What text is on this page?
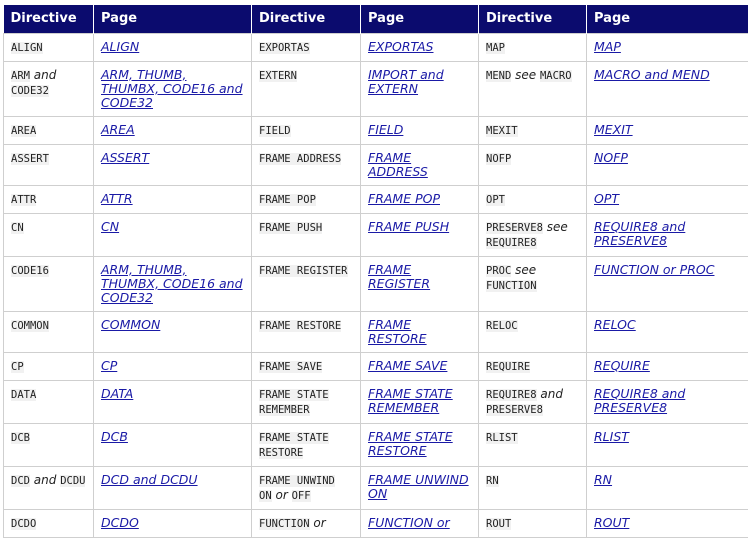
Directive	Page	Directive	Page	Directive	Page
ALIGN	ALIGN	EXPORTAS	EXPORTAS	MAP	MAP
ARM and CODE32	ARM, THUMB, THUMBX, CODE16 and CODE32	EXTERN	IMPORT and EXTERN	MEND see MACRO	MACRO and MEND
AREA	AREA	FIELD	FIELD	MEXIT	MEXIT
ASSERT	ASSERT	FRAME ADDRESS	FRAME ADDRESS	NOFP	NOFP
ATTR	ATTR	FRAME POP	FRAME POP	OPT	OPT
CN	CN	FRAME PUSH	FRAME PUSH	PRESERVE8 see REQUIRE8	REQUIRE8 and PRESERVE8
CODE16	ARM, THUMB, THUMBX, CODE16 and CODE32	FRAME REGISTER	FRAME REGISTER	PROC see FUNCTION	FUNCTION or PROC
COMMON	COMMON	FRAME RESTORE	FRAME RESTORE	RELOC	RELOC
CP	CP	FRAME SAVE	FRAME SAVE	REQUIRE	REQUIRE
DATA	DATA	FRAME STATE REMEMBER	FRAME STATE REMEMBER	REQUIRE8 and PRESERVE8	REQUIRE8 and PRESERVE8
DCB	DCB	FRAME STATE RESTORE	FRAME STATE RESTORE	RLIST	RLIST
DCD and DCDU	DCD and DCDU	FRAME UNWIND ON or OFF	FRAME UNWIND ON	RN	RN
DCDO	DCDO	FUNCTION or	FUNCTION or	ROUT	ROUT
